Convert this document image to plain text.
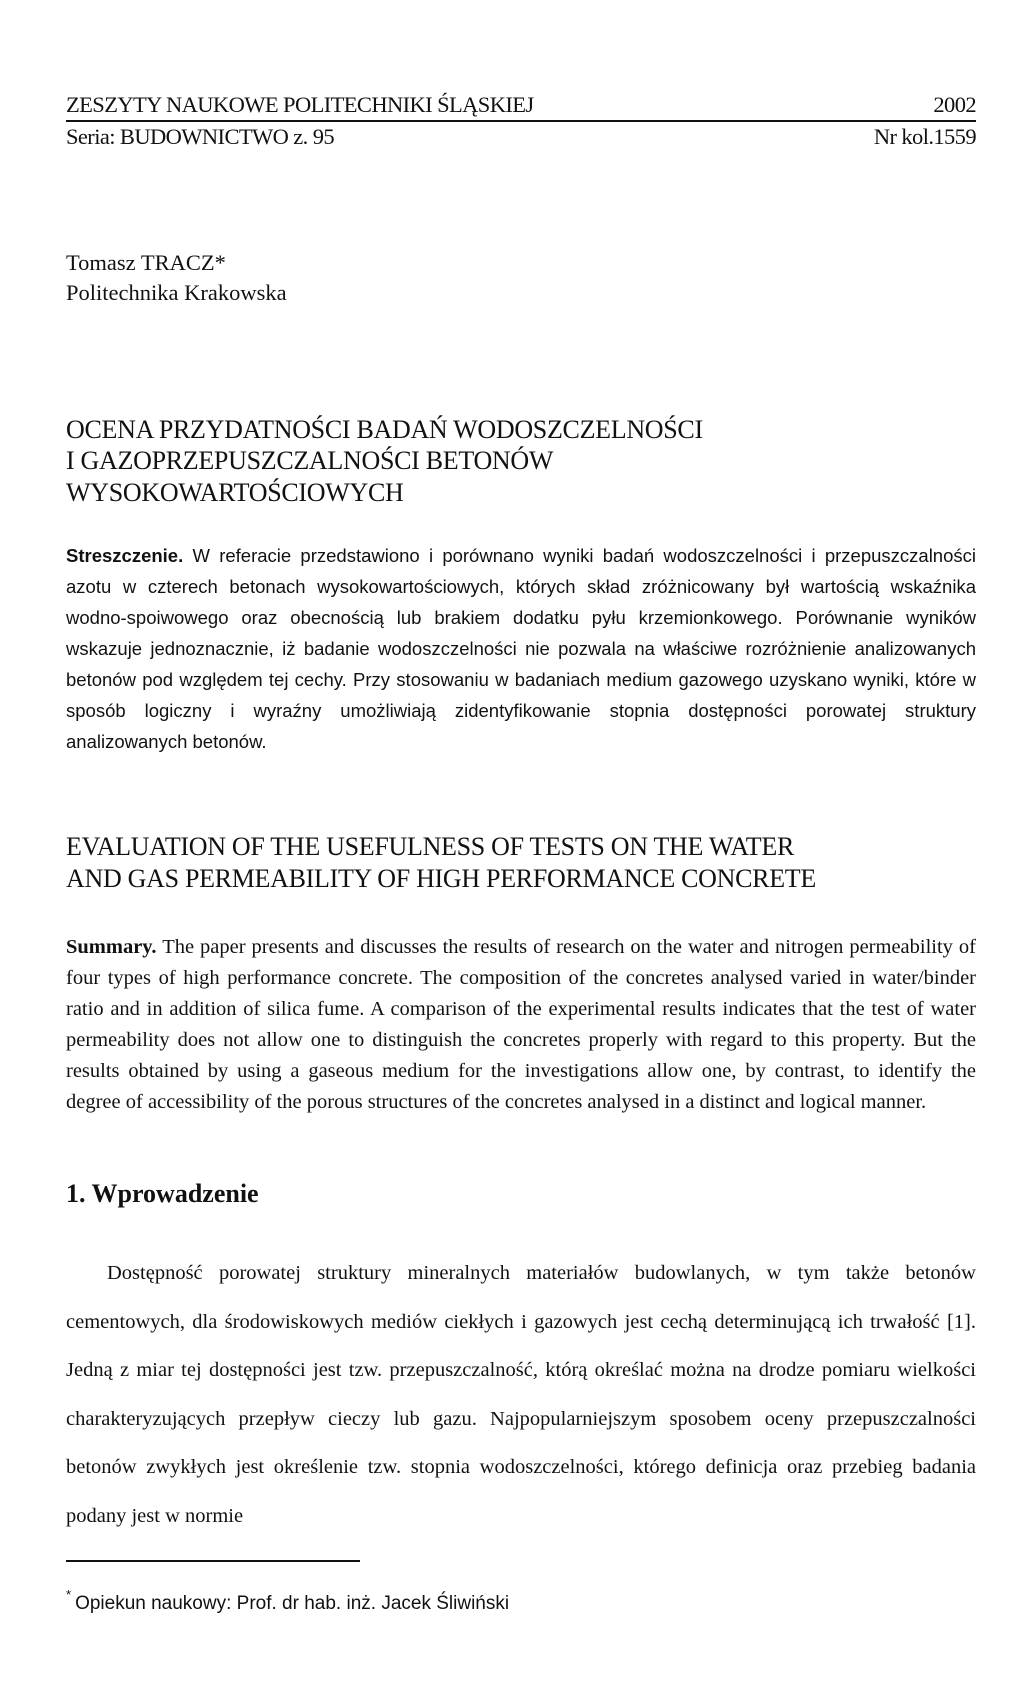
ZESZYTY NAUKOWE POLITECHNIKI ŚLĄSKIEJ	2002
Seria: BUDOWNICTWO z. 95	Nr kol.1559
Tomasz TRACZ*
Politechnika Krakowska
OCENA PRZYDATNOŚCI BADAŃ WODOSZCZELNOŚCI
I GAZOPRZEPUSZCZALNOŚCI BETONÓW
WYSOKOWARTOŚCIOWYCH
Streszczenie. W referacie przedstawiono i porównano wyniki badań wodoszczelności i przepuszczalności azotu w czterech betonach wysokowartościowych, których skład zróżnicowany był wartością wskaźnika wodno-spoiwowego oraz obecnością lub brakiem dodatku pyłu krzemionkowego. Porównanie wyników wskazuje jednoznacznie, iż badanie wodoszczelności nie pozwala na właściwe rozróżnienie analizowanych betonów pod względem tej cechy. Przy stosowaniu w badaniach medium gazowego uzyskano wyniki, które w sposób logiczny i wyraźny umożliwiają zidentyfikowanie stopnia dostępności porowatej struktury analizowanych betonów.
EVALUATION OF THE USEFULNESS OF TESTS ON THE WATER
AND GAS PERMEABILITY OF HIGH PERFORMANCE CONCRETE
Summary. The paper presents and discusses the results of research on the water and nitrogen permeability of four types of high performance concrete. The composition of the concretes analysed varied in water/binder ratio and in addition of silica fume. A comparison of the experimental results indicates that the test of water permeability does not allow one to distinguish the concretes properly with regard to this property. But the results obtained by using a gaseous medium for the investigations allow one, by contrast, to identify the degree of accessibility of the porous structures of the concretes analysed in a distinct and logical manner.
1. Wprowadzenie
Dostępność porowatej struktury mineralnych materiałów budowlanych, w tym także betonów cementowych, dla środowiskowych mediów ciekłych i gazowych jest cechą determinującą ich trwałość [1]. Jedną z miar tej dostępności jest tzw. przepuszczalność, którą określać można na drodze pomiaru wielkości charakteryzujących przepływ cieczy lub gazu. Najpopularniejszym sposobem oceny przepuszczalności betonów zwykłych jest określenie tzw. stopnia wodoszczelności, którego definicja oraz przebieg badania podany jest w normie
* Opiekun naukowy: Prof. dr hab. inż. Jacek Śliwiński
